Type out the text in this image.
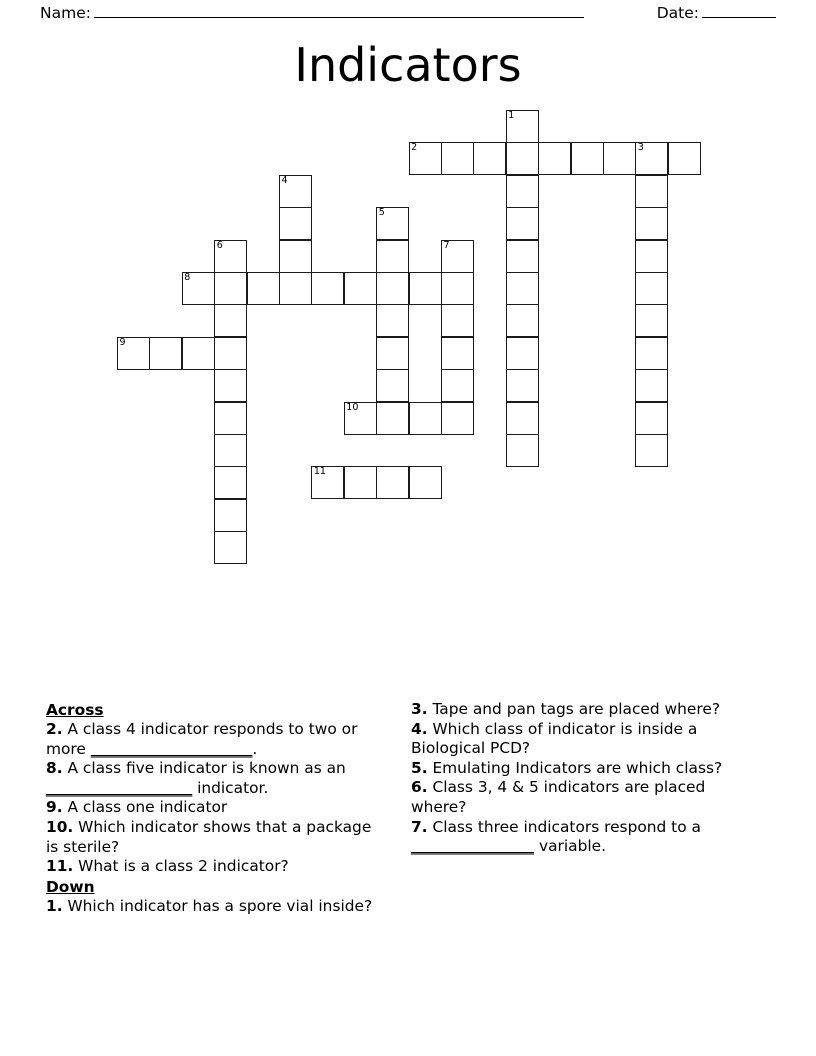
Name:	Date:
Indicators
1
2	3
4
5
6	7
8
9
10
11
Across
2. A class 4 indicator responds to two or more _____________________.
8. A class five indicator is known as an ___________________ indicator.
9. A class one indicator
10. Which indicator shows that a package is sterile?
11. What is a class 2 indicator?
Down
1. Which indicator has a spore vial inside?
3. Tape and pan tags are placed where?
4. Which class of indicator is inside a Biological PCD?
5. Emulating Indicators are which class?
6. Class 3, 4 & 5 indicators are placed where?
7. Class three indicators respond to a ________________ variable.
